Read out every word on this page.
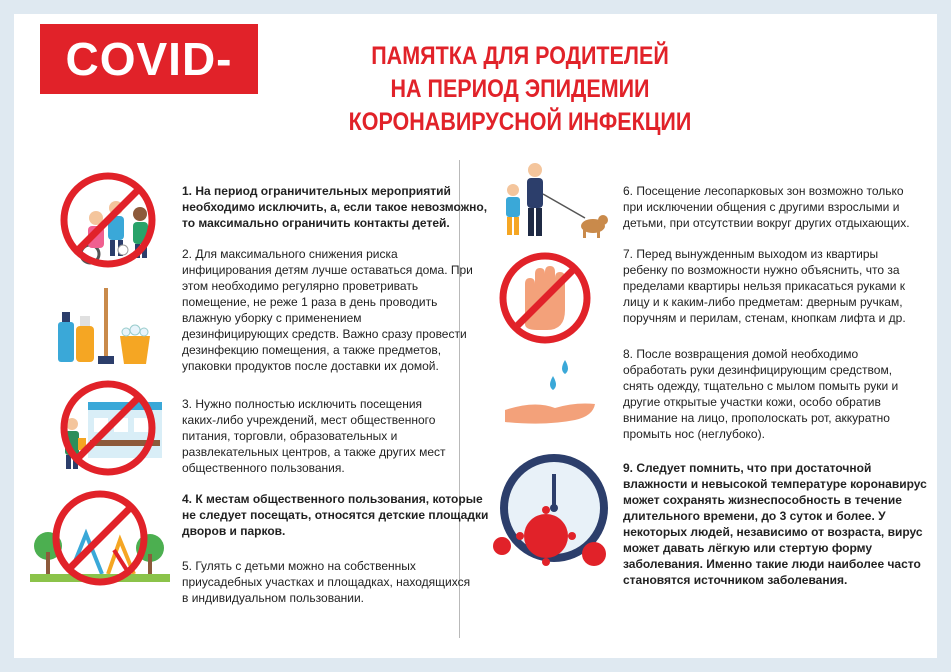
COVID-19
ПАМЯТКА ДЛЯ РОДИТЕЛЕЙ
НА ПЕРИОД ЭПИДЕМИИ
КОРОНАВИРУСНОЙ ИНФЕКЦИИ
1. На период ограничительных мероприятий
необходимо исключить, а, если такое невозможно,
то максимально ограничить контакты детей.
2. Для максимального снижения риска
инфицирования детям лучше оставаться дома. При
этом необходимо регулярно проветривать
помещение, не реже 1 раза в день проводить
влажную уборку с применением
дезинфицирующих средств. Важно сразу провести
дезинфекцию помещения, а также предметов,
упаковки продуктов после доставки их домой.
3. Нужно полностью исключить посещения
каких-либо учреждений, мест общественного
питания, торговли, образовательных и
развлекательных центров, а также других мест
общественного пользования.
4. К местам общественного пользования, которые
не следует посещать, относятся детские площадки
дворов и парков.
5. Гулять с детьми можно на собственных
приусадебных участках и площадках, находящихся
в индивидуальном пользовании.
6. Посещение лесопарковых зон возможно только
при исключении общения с другими взрослыми и
детьми, при отсутствии вокруг других отдыхающих.
7. Перед вынужденным выходом из квартиры
ребенку по возможности нужно объяснить, что за
пределами квартиры нельзя прикасаться руками к
лицу и к каким-либо предметам: дверным ручкам,
поручням и перилам, стенам, кнопкам лифта и др.
8. После возвращения домой необходимо
обработать руки дезинфицирующим средством,
снять одежду, тщательно с мылом помыть руки и
другие открытые участки кожи, особо обратив
внимание на лицо, прополоскать рот, аккуратно
промыть нос (неглубоко).
9. Следует помнить, что при достаточной
влажности и невысокой температуре коронавирус
может сохранять жизнеспособность в течение
длительного времени, до 3 суток и более. У
некоторых людей, независимо от возраста, вирус
может давать лёгкую или стертую форму
заболевания. Именно такие люди наиболее часто
становятся источником заболевания.
